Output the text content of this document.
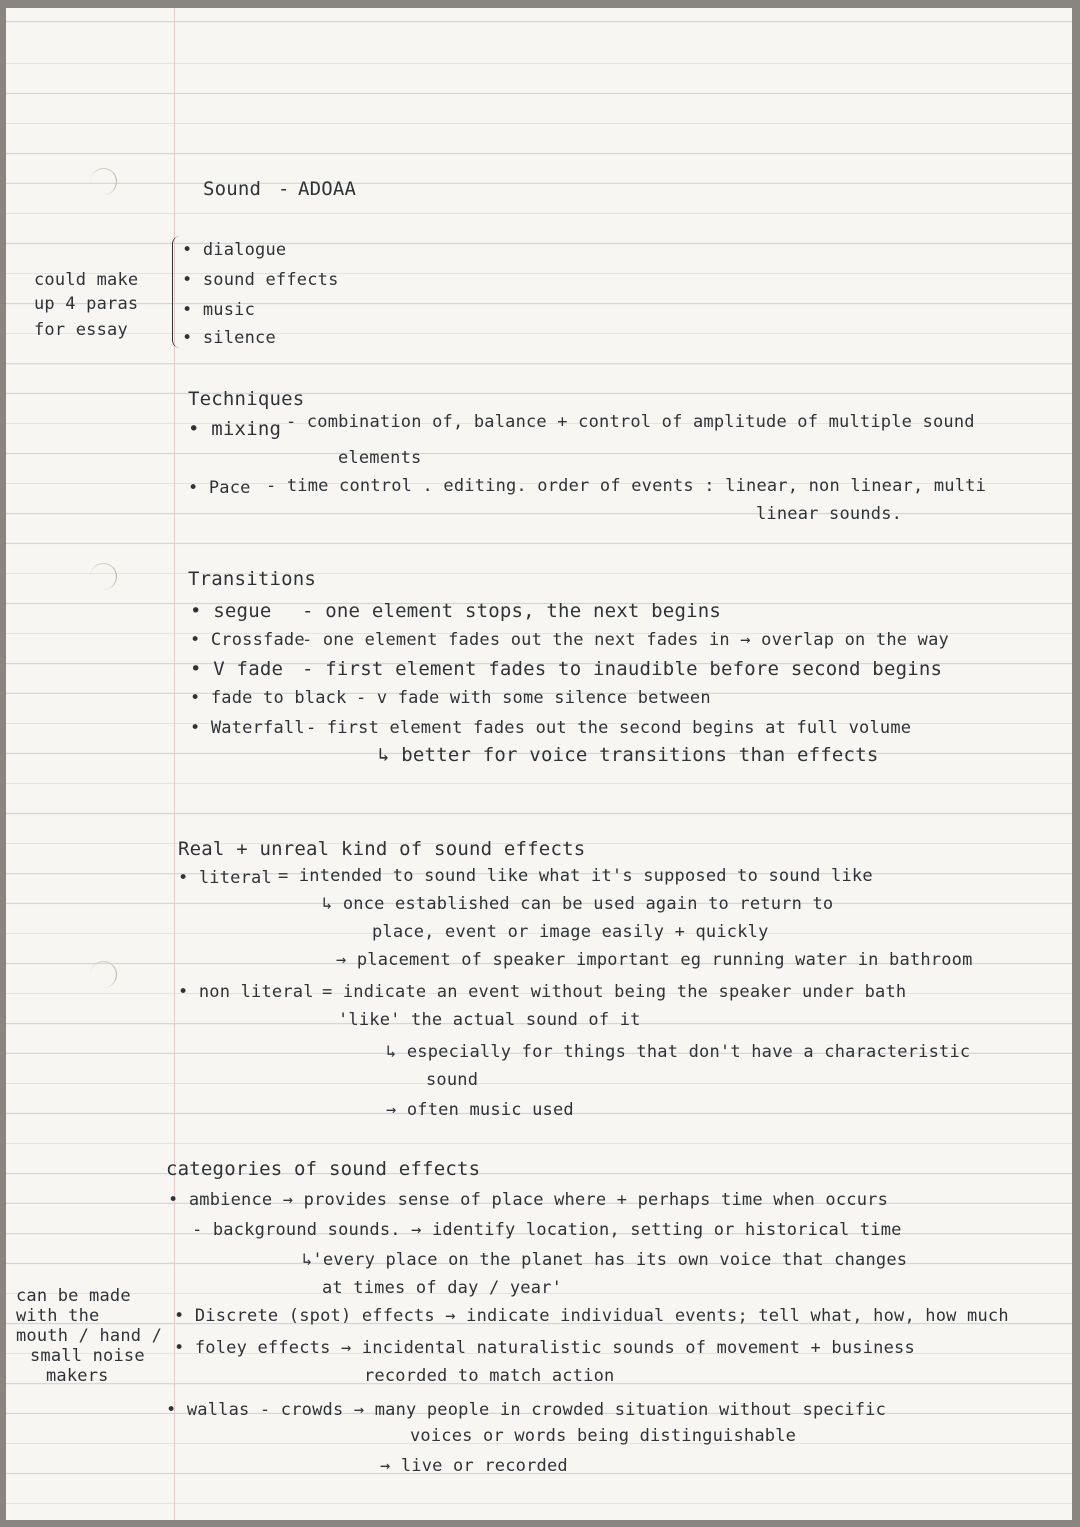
Sound - ADOAA
• dialogue
• sound effects
• music
• silence
could make
up 4 paras
for essay
Techniques
• mixing - combination of, balance + control of amplitude of multiple sound
elements
• Pace - time control . editing. order of events : linear, non linear, multi
linear sounds.
Transitions
• segue - one element stops, the next begins
• Crossfade
- one element fades out the next fades in → overlap on the way
• V fade - first element fades to inaudible before second begins
• fade to black - v fade with some silence between
• Waterfall - first element fades out the second begins at full volume
↳ better for voice transitions than effects
Real + unreal kind of sound effects
• literal = intended to sound like what it's supposed to sound like
↳ once established can be used again to return to
place, event or image easily + quickly
→ placement of speaker important eg running water in bathroom
• non literal = indicate an event without being the speaker under bath
'like' the actual sound of it
↳ especially for things that don't have a characteristic
sound
→ often music used
categories of sound effects
• ambience → provides sense of place where + perhaps time when occurs
- background sounds. → identify location, setting or historical time
↳'every place on the planet has its own voice that changes
at times of day / year'
• Discrete (spot) effects → indicate individual events; tell what, how, how much
• foley effects → incidental naturalistic sounds of movement + business
recorded to match action
• wallas - crowds → many people in crowded situation without specific
voices or words being distinguishable
→ live or recorded
can be made
with the
mouth / hand /
small noise
makers
